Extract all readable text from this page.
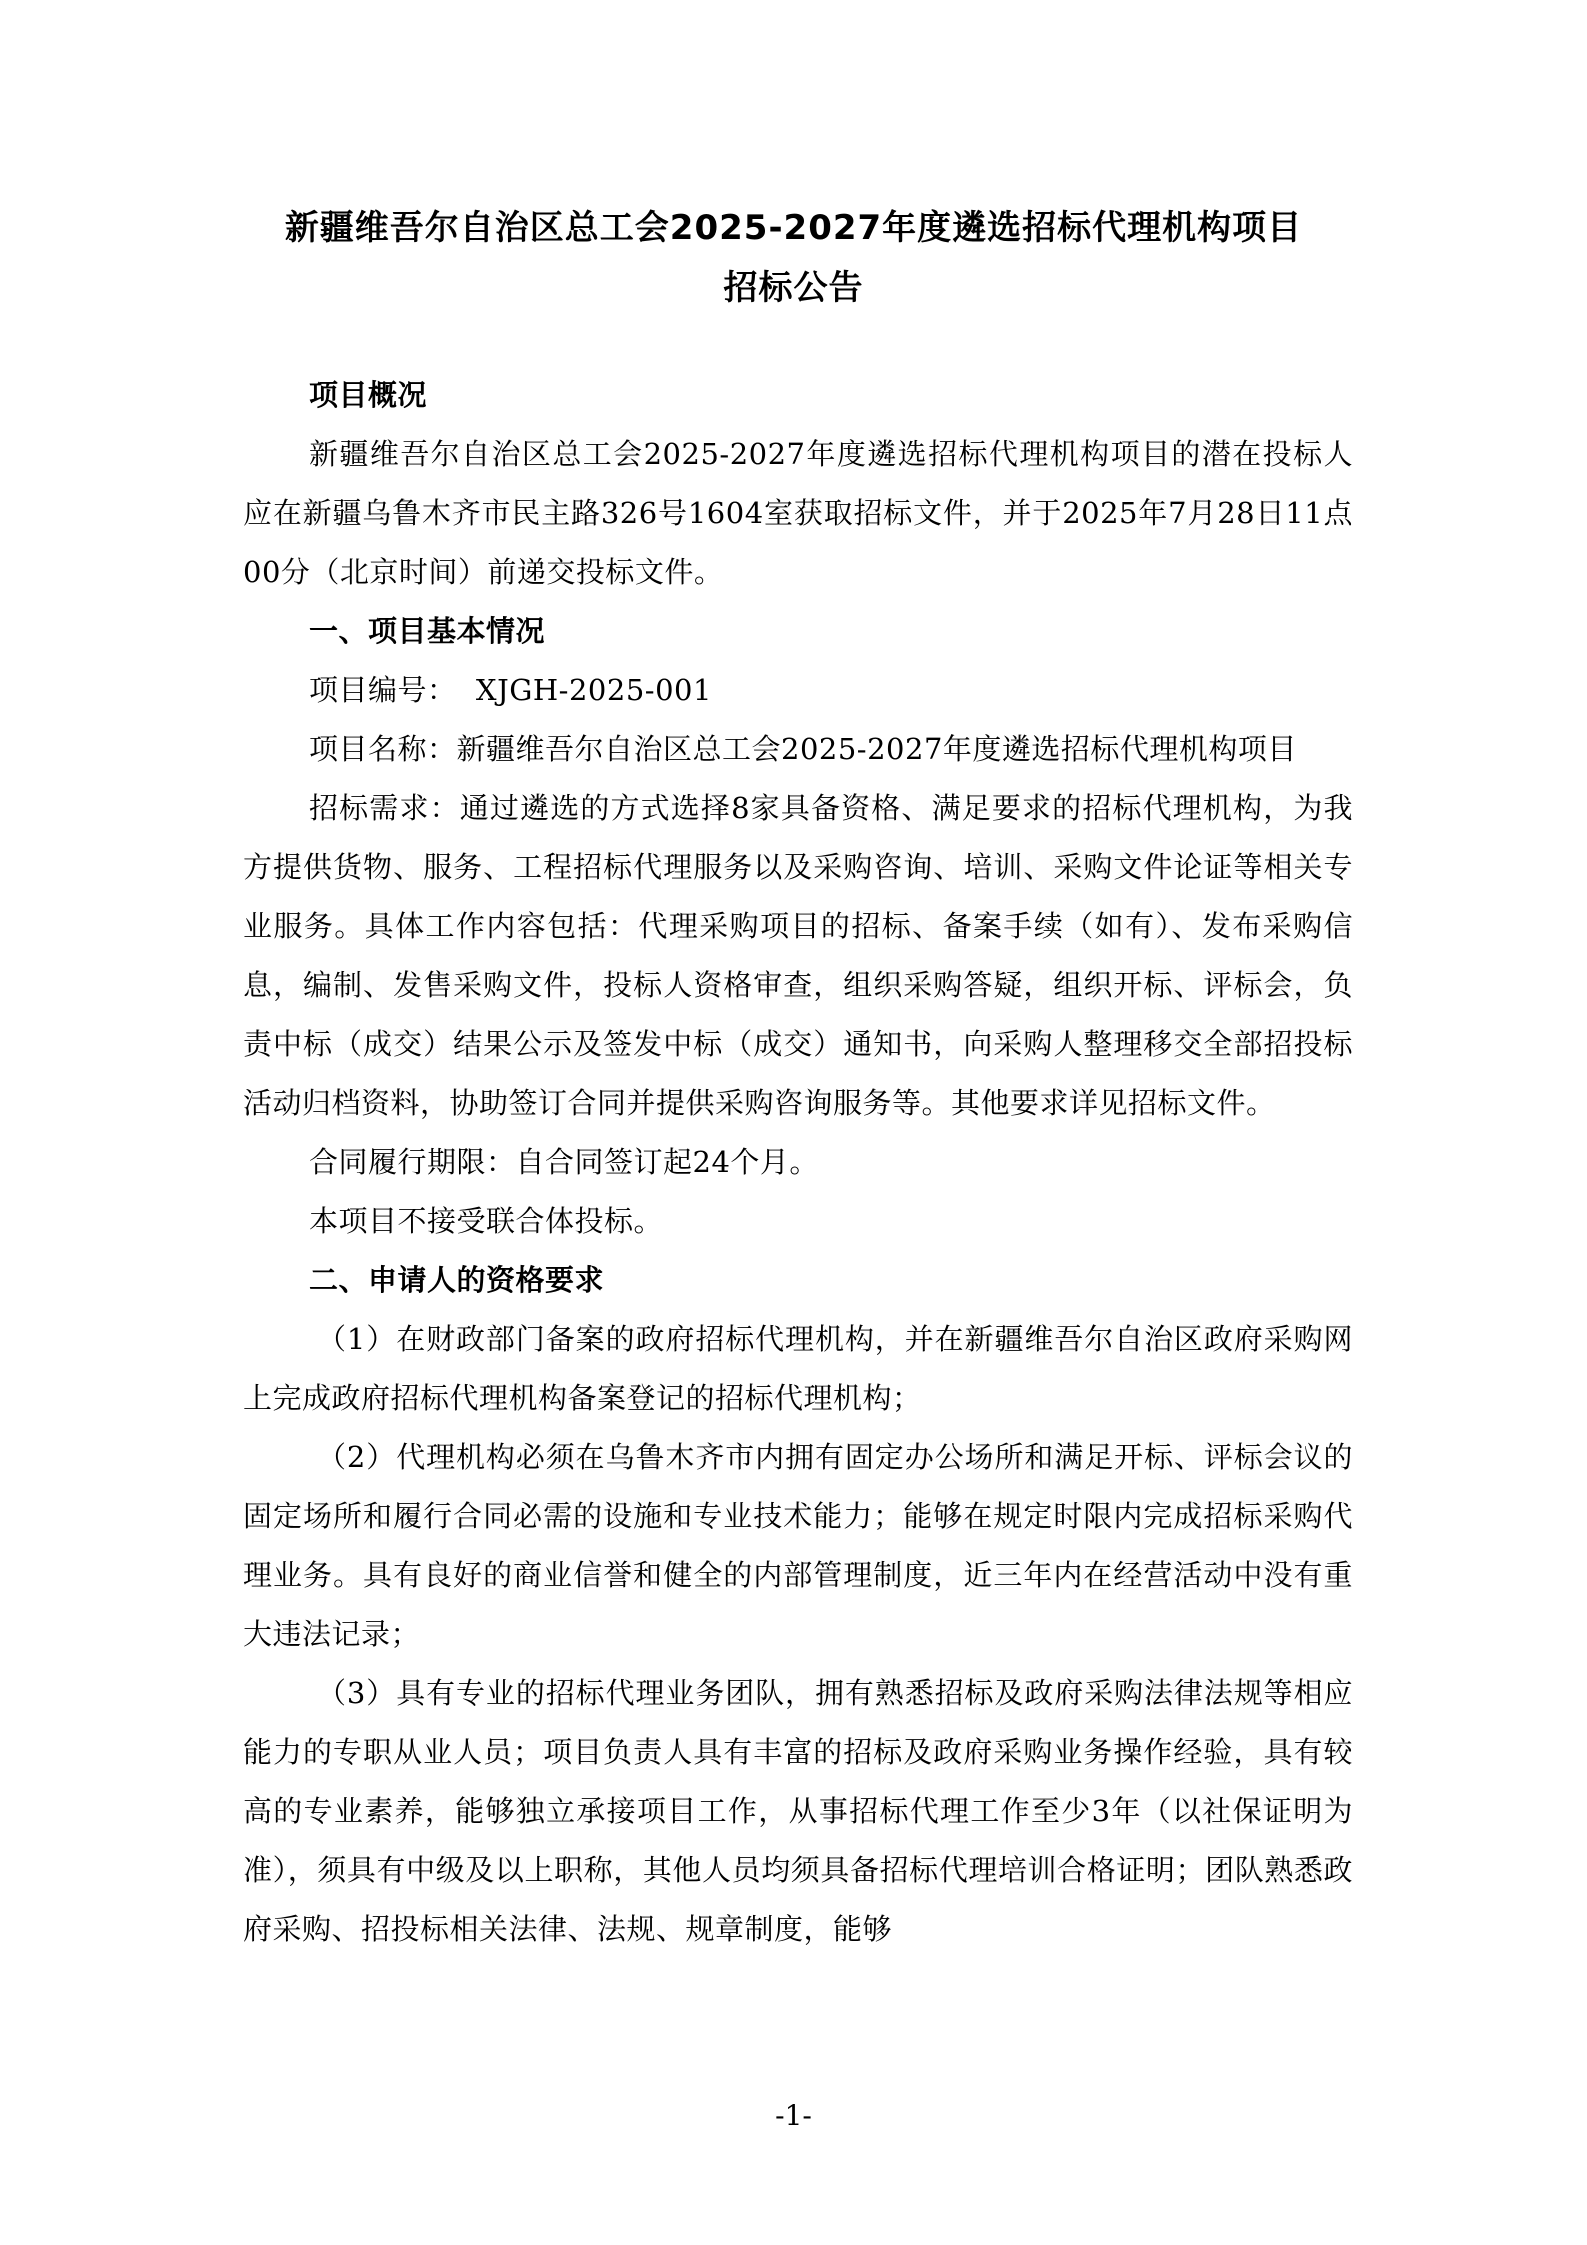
新疆维吾尔自治区总工会2025-2027年度遴选招标代理机构项目
招标公告

项目概况

新疆维吾尔自治区总工会2025-2027年度遴选招标代理机构项目的潜在投标人应在新疆乌鲁木齐市民主路326号1604室获取招标文件，并于2025年7月28日11点00分（北京时间）前递交投标文件。

一、项目基本情况

项目编号：  XJGH-2025-001

项目名称：新疆维吾尔自治区总工会2025-2027年度遴选招标代理机构项目

招标需求：通过遴选的方式选择8家具备资格、满足要求的招标代理机构，为我方提供货物、服务、工程招标代理服务以及采购咨询、培训、采购文件论证等相关专业服务。具体工作内容包括：代理采购项目的招标、备案手续（如有）、发布采购信息，编制、发售采购文件，投标人资格审查，组织采购答疑，组织开标、评标会，负责中标（成交）结果公示及签发中标（成交）通知书，向采购人整理移交全部招投标活动归档资料，协助签订合同并提供采购咨询服务等。其他要求详见招标文件。

合同履行期限：自合同签订起24个月。

本项目不接受联合体投标。

二、申请人的资格要求

（1）在财政部门备案的政府招标代理机构，并在新疆维吾尔自治区政府采购网上完成政府招标代理机构备案登记的招标代理机构；

（2）代理机构必须在乌鲁木齐市内拥有固定办公场所和满足开标、评标会议的固定场所和履行合同必需的设施和专业技术能力；能够在规定时限内完成招标采购代理业务。具有良好的商业信誉和健全的内部管理制度，近三年内在经营活动中没有重大违法记录；

（3）具有专业的招标代理业务团队，拥有熟悉招标及政府采购法律法规等相应能力的专职从业人员；项目负责人具有丰富的招标及政府采购业务操作经验，具有较高的专业素养，能够独立承接项目工作，从事招标代理工作至少3年（以社保证明为准），须具有中级及以上职称，其他人员均须具备招标代理培训合格证明；团队熟悉政府采购、招投标相关法律、法规、规章制度，能够

-1-
